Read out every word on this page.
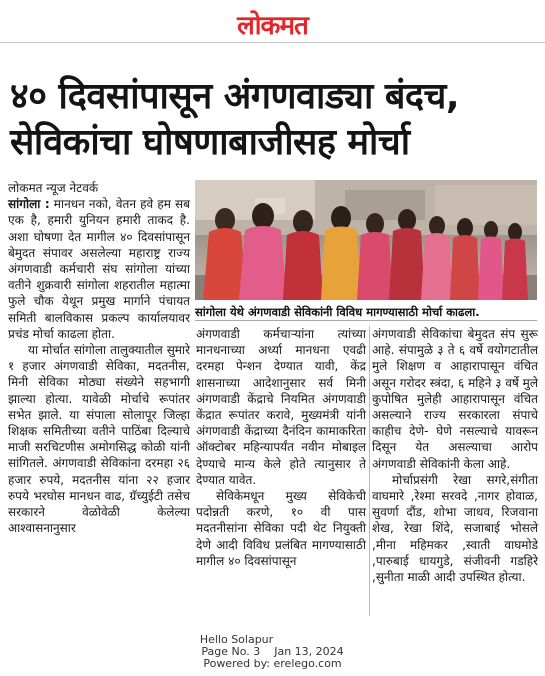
लोकमत
४० दिवसांपासून अंगणवाड्या बंदच,
सेविकांचा घोषणाबाजीसह मोर्चा

लोकमत न्यूज नेटवर्क

सांगोला : मानधन नको, वेतन हवे हम सब एक है, हमारी युनियन हमारी ताकद है. अशा घोषणा देत मागील ४० दिवसांपासून बेमुदत संपावर असलेल्या महाराष्ट्र राज्य अंगणवाडी कर्मचारी संघ सांगोला यांच्या वतीने शुक्रवारी सांगोला शहरातील महात्मा फुले चौक येथून प्रमुख मार्गाने पंचायत समिती बालविकास प्रकल्प कार्यालयावर प्रचंड मोर्चा काढला होता.

या मोर्चात सांगोला तालुक्यातील सुमारे १ हजार अंगणवाडी सेविका, मदतनीस, मिनी सेविका मोठ्या संख्येने सहभागी झाल्या होत्या. यावेळी मोर्चाचे रूपांतर सभेत झाले. या संपाला सोलापूर जिल्हा शिक्षक समितीच्या वतीने पाठिंबा दिल्याचे माजी सरचिटणीस अमोगसिद्ध कोळी यांनी सांगितले. अंगणवाडी सेविकांना दरमहा २६ हजार रुपये, मदतनीस यांना २२ हजार रुपये भरघोस मानधन वाढ, ग्रॅच्युईटी तसेच सरकारने वेळोवेळी केलेल्या आश्वासनानुसार

सांगोला येथे अंगणवाडी सेविकांनी विविध मागण्यासाठी मोर्चा काढला.

अंगणवाडी कर्मचाऱ्यांना त्यांच्या मानधनाच्या अर्ध्या मानधना एवढी दरमहा पेन्शन देण्यात यावी, केंद्र शासनाच्या आदेशानुसार सर्व मिनी अंगणवाडी केंद्राचे नियमित अंगणवाडी केंद्रात रूपांतर करावे, मुख्यमंत्री यांनी अंगणवाडी केंद्राच्या दैनंदिन कामाकरिता ऑक्टोबर महिन्यापर्यंत नवीन मोबाइल देण्याचे मान्य केले होते त्यानुसार ते देण्यात यावेत.

सेविकेमधून मुख्य सेविकेची पदोन्नती करणे, १० वी पास मदतनीसांना सेविका पदी थेट नियुक्ती देणे आदी विविध प्रलंबित मागण्यासाठी मागील ४० दिवसांपासून

अंगणवाडी सेविकांचा बेमुदत संप सुरू आहे. संपामुळे ३ ते ६ वर्षे वयोगटातील मुले शिक्षण व आहारापासून वंचित असून गरोदर स्त्रंदा, ६ महिने ३ वर्षे मुले कुपोषित मुलेही आहारापासून वंचित असल्याने राज्य सरकारला संपाचे काहीच देणे- घेणे नसल्याचे यावरून दिसून येत असल्याचा आरोप अंगणवाडी सेविकांनी केला आहे.

मोर्चाप्रसंगी रेखा सगरे,संगीता वाघमारे ,रेश्मा सरवदे ,नागर होवाळ, सुवर्णा दौंड, शोभा जाधव, रिजवाना शेख, रेखा शिंदे, सजाबाई भोसले ,मीना महिमकर ,स्वाती वाघमोडे ,पारुबाई धायगुडे, संजीवनी गडहिरे ,सुनीता माळी आदी उपस्थित होत्या.

Hello Solapur
Page No. 3    Jan 13, 2024
Powered by: erelego.com
